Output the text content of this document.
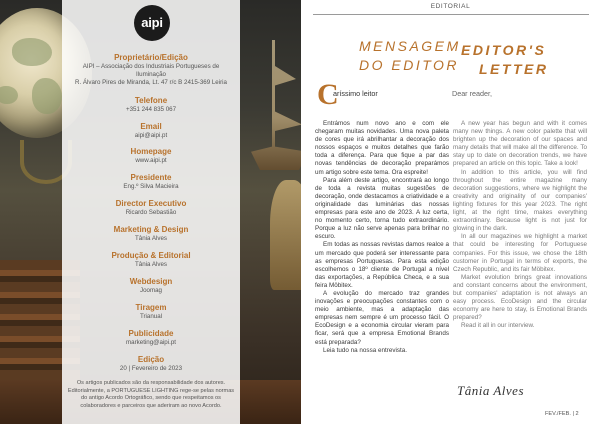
aipi
Proprietário/Edição
AIPI – Associação dos Industriais Portugueses de
Iluminação
R. Álvaro Pires de Miranda, Lt. 47 r/c B 2415-369 Leiria
Telefone
+351 244 835 067
Email
aipi@aipi.pt
Homepage
www.aipi.pt
Presidente
Eng.º Silva Macieira
Director Executivo
Ricardo Sebastião
Marketing & Design
Tânia Alves
Produção & Editorial
Tânia Alves
Webdesign
Joomag
Tiragem
Trianual
Publicidade
marketing@aipi.pt
Edição
20 | Fevereiro de 2023
Os artigos publicados são da responsabilidade dos autores. Editorialmente, a PORTUGUESE LIGHTING rege-se pelas normas do antigo Acordo Ortográfico, sendo que respeitamos os colaboradores e parceiros que aderiram ao novo Acordo.
EDITORIAL
MENSAGEM
DO EDITOR
EDITOR'S
LETTER
C
aríssimo leitor	Dear reader,

Entrámos num novo ano e com ele chegaram muitas novidades. Uma nova paleta de cores que irá abrilhantar a decoração dos nossos espaços e muitos detalhes que farão toda a diferença. Para que fique a par das novas tendências de decoração preparámos um artigo sobre este tema. Ora espreite!

Para além deste artigo, encontrará ao longo de toda a revista muitas sugestões de decoração, onde destacamos a criatividade e a originalidade das luminárias das nossas empresas para este ano de 2023. A luz certa, no momento certo, torna tudo extraordinário. Porque a luz não serve apenas para brilhar no escuro.

Em todas as nossas revistas damos realce a um mercado que poderá ser interessante para as empresas Portuguesas. Para esta edição escolhemos o 18º cliente de Portugal a nível das exportações, a República Checa, e a sua feira Möbitex.

A evolução do mercado traz grandes inovações e preocupações constantes com o meio ambiente, mas a adaptação das empresas nem sempre é um processo fácil. O EcoDesign e a economia circular vieram para ficar, será que a empresa Emotional Brands está preparada?

Leia tudo na nossa entrevista.

A new year has begun and with it comes many new things. A new color palette that will brighten up the decoration of our spaces and many details that will make all the difference. To stay up to date on decoration trends, we have prepared an article on this topic. Take a look!

In addition to this article, you will find throughout the entire magazine many decoration suggestions, where we highlight the creativity and originality of our companies' lighting fixtures for this year 2023. The right light, at the right time, makes everything extraordinary. Because light is not just for glowing in the dark.

In all our magazines we highlight a market that could be interesting for Portuguese companies. For this issue, we chose the 18th customer in Portugal in terms of exports, the Czech Republic, and its fair Möbitex.

Market evolution brings great innovations and constant concerns about the environment, but companies' adaptation is not always an easy process. EcoDesign and the circular economy are here to stay, is Emotional Brands prepared?

Read it all in our interview.

Tânia Alves
FEV./FEB. | 2
